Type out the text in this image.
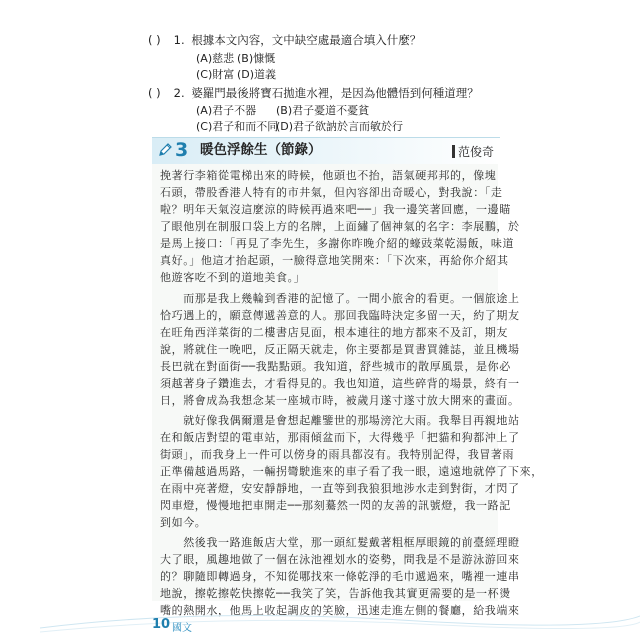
( ) 1. 根據本文內容，文中缺空處最適合填入什麼？
(A)慈悲 (B)慷慨
(C)財富 (D)道義
( ) 2. 婆羅門最後將寶石拋進水裡，是因為他體悟到何種道理？
(A)君子不器 (B)君子憂道不憂貧
(C)君子和而不同
(D)君子欲訥於言而敏於行
3 暖色浮餘生（節錄）	范俊奇
挽著行李箱從電梯出來的時候，他頭也不抬，語氣硬邦邦的，像塊
石頭，帶股香港人特有的市井氣，但內容卻出奇暖心，對我說：「走
啦？明年天氣沒這麼涼的時候再過來吧──」我一邊笑著回應，一邊瞄
了眼他別在制服口袋上方的名牌，上面繡了個神氣的名字：李展鵬，於
是馬上接口：「再見了李先生，多謝你昨晚介紹的蠔豉菜乾湯飯，味道
真好。」他這才抬起頭，一臉得意地笑開來：「下次來，再給你介紹其
他遊客吃不到的道地美食。」
　　而那是我上幾輪到香港的記憶了。一間小旅舍的看更。一個旅途上
恰巧遇上的，願意傳遞善意的人。那回我臨時決定多留一天，約了期友
在旺角西洋菜街的二樓書店見面，根本連往的地方都來不及訂，期友
說，將就住一晚吧，反正隔天就走，你主要都是買書買雜誌，並且機場
長巴就在對面街──我點點頭。我知道，舒些城市的散厚風景，是你必
須越著身子鑽進去，才看得見的。我也知道，這些碎背的場景，終有一
日，將會成為我想念某一座城市時，被歲月遂寸遂寸放大開來的畫面。
　　就好像我偶爾還是會想起離鑒世的那場滂沱大雨。我舉目再親地站
在和飯店對望的電車站，那雨傾盆而下，大得幾乎「把貓和狗都沖上了
街頭」，而我身上一件可以傍身的雨具都沒有。我特別記得，我冒著雨
正準備越過馬路，一輛拐彎駛進來的車子看了我一眼，遠遠地就停了下來，
在雨中亮著燈，安安靜靜地，一直等到我狼狽地涉水走到對街，才閃了
閃車燈，慢慢地把車開走──那刻驀然一閃的友善的訊號燈，我一路記
到如今。
　　然後我一路進飯店大堂，那一頭紅髮戴著粗框厚眼鏡的前臺經理瞪
大了眼，風趣地做了一個在泳池裡划水的姿勢，問我是不是游泳游回來
的？聊隨即轉過身，不知從哪找來一條乾淨的毛巾遞過來，嘴裡一連串
地說，擦乾擦乾快擦乾──我笑了笑，告訴他我其實更需要的是一杯燙
嘴的熱開水，他馬上收起調皮的笑臉，迅速走進左側的餐廳，給我端來
10 國文
